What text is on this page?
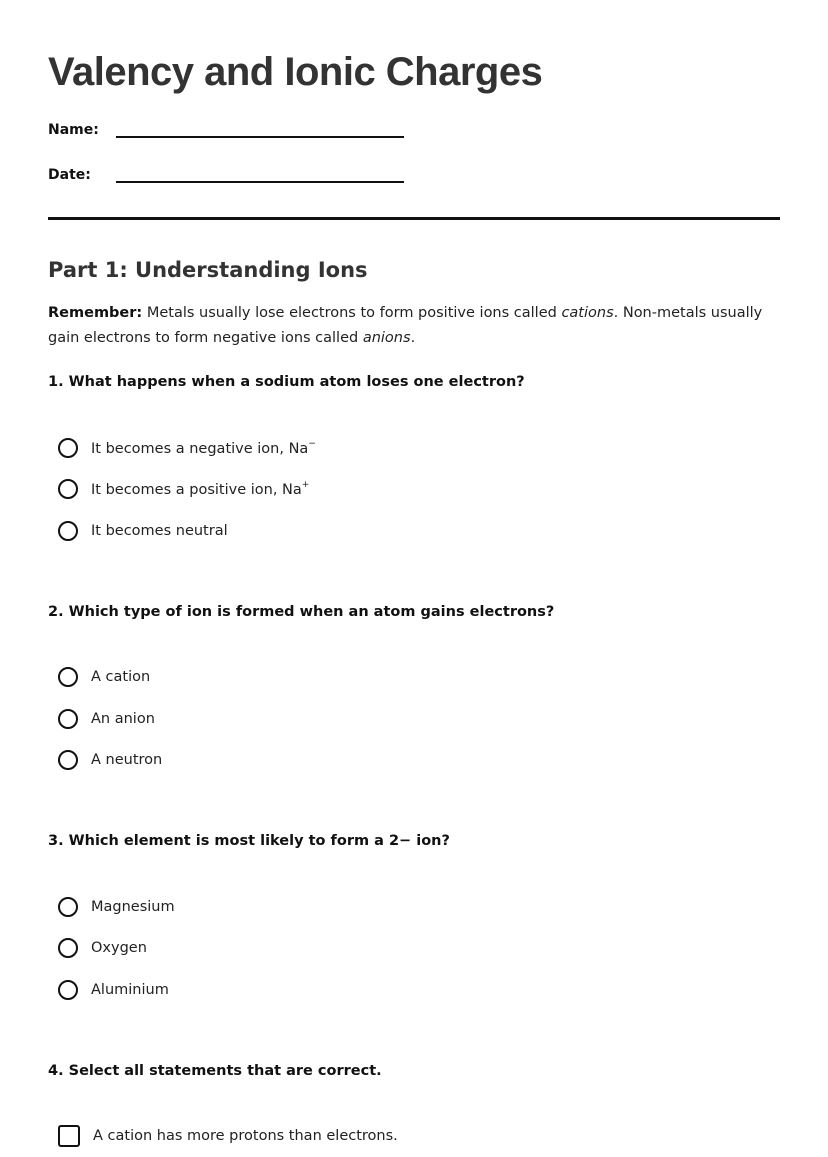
Valency and Ionic Charges
Name:
Date:
Part 1: Understanding Ions

Remember: Metals usually lose electrons to form positive ions called cations. Non-metals usually gain electrons to form negative ions called anions.

1. What happens when a sodium atom loses one electron?
It becomes a negative ion, Na−
It becomes a positive ion, Na+
It becomes neutral
2. Which type of ion is formed when an atom gains electrons?
A cation
An anion
A neutron
3. Which element is most likely to form a 2− ion?
Magnesium
Oxygen
Aluminium
4. Select all statements that are correct.
A cation has more protons than electrons.
